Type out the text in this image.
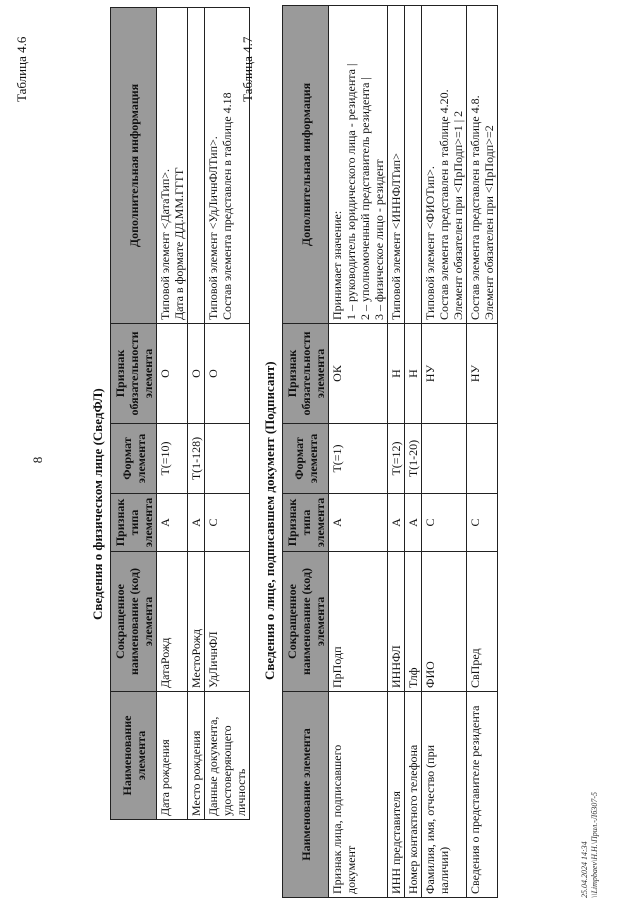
8
Таблица 4.6
Сведения о физическом лице (СведФЛ)
Наименование элемента	Сокращенное наименование (код) элемента	Признак типа элемента	Формат элемента	Признак обязательности элемента	Дополнительная информация
Дата рождения	ДатаРожд	А	T(=10)	О	Типовой элемент <ДатаТип>.
Дата в формате ДД.ММ.ГГГГ
Место рождения	МестоРожд	А	T(1-128)	О	
Данные документа, удостоверяющего личность	УдЛичнФЛ	С		О	Типовой элемент <УдЛичнФЛТип>.
Состав элемента представлен в таблице 4.18
Таблица 4.7
Сведения о лице, подписавшем документ (Подписант)
Наименование элемента	Сокращенное наименование (код) элемента	Признак типа элемента	Формат элемента	Признак обязательности элемента	Дополнительная информация
Признак лица, подписавшего документ	ПрПодп	А	T(=1)	ОК	Принимает значение:
1 – руководитель юридического лица - резидента |
2 – уполномоченный представитель резидента |
3 – физическое лицо - резидент
ИНН представителя	ИННФЛ	А	T(=12)	Н	Типовой элемент <ИННФЛТип>
Номер контактного телефона	Тлф	А	T(1-20)	Н	
Фамилия, имя, отчество (при наличии)	ФИО	С		НУ	Типовой элемент <ФИОТип>.
Состав элемента представлен в таблице 4.20.
Элемент обязателен при <ПрПодп>=1 | 2
Сведения о представителе резидента	СвПред	С		НУ	Состав элемента представлен в таблице 4.8.
Элемент обязателен при <ПрПодп>=2
25.04.2024 14:34 \\Limpbaev\Н.Н.\Прил.-Лб307-5
